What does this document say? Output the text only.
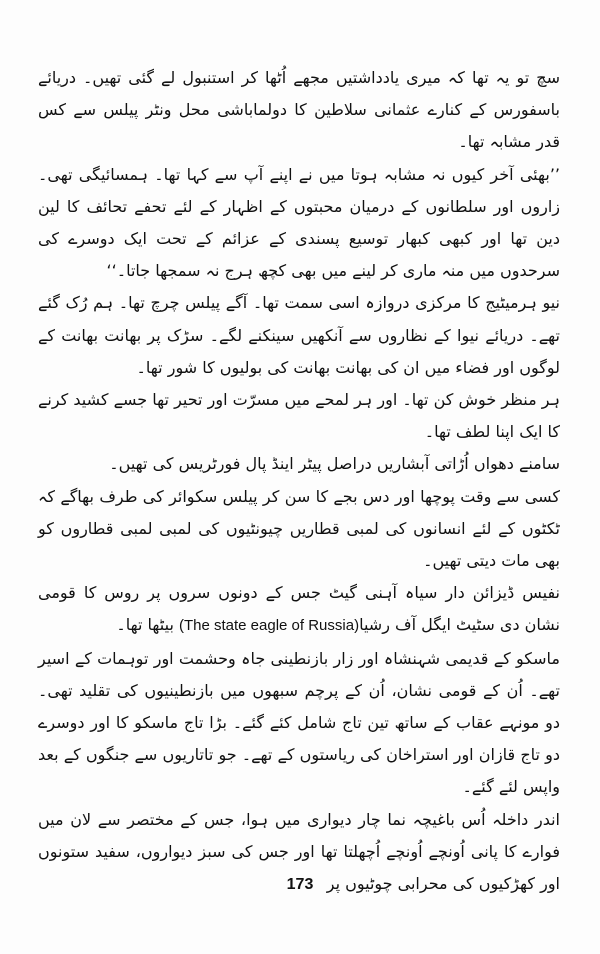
سچ تو یہ تھا کہ میری یادداشتیں مجھے اُٹھا کر استنبول لے گئی تھیں۔ دریائے باسفورس کے کنارے عثمانی سلاطین کا دولماباشی محل ونٹر پیلس سے کس قدر مشابہ تھا۔

’’بھئی آخر کیوں نہ مشابہ ہوتا میں نے اپنے آپ سے کہا تھا۔ ہمسائیگی تھی۔ زاروں اور سلطانوں کے درمیان محبتوں کے اظہار کے لئے تحفے تحائف کا لین دین تھا اور کبھی کبھار توسیع پسندی کے عزائم کے تحت ایک دوسرے کی سرحدوں میں منہ ماری کر لینے میں بھی کچھ ہرج نہ سمجھا جاتا۔‘‘

نیو ہرمیٹیج کا مرکزی دروازہ اسی سمت تھا۔ آگے پیلس چرچ تھا۔ ہم رُک گئے تھے۔ دریائے نیوا کے نظاروں سے آنکھیں سینکنے لگے۔ سڑک پر بھانت بھانت کے لوگوں اور فضاء میں ان کی بھانت بھانت کی بولیوں کا شور تھا۔

ہر منظر خوش کن تھا۔ اور ہر لمحے میں مسرّت اور تحیر تھا جسے کشید کرنے کا ایک اپنا لطف تھا۔

سامنے دھواں اُڑاتی آبشاریں دراصل پیٹر اینڈ پال فورٹریس کی تھیں۔

کسی سے وقت پوچھا اور دس بجے کا سن کر پیلس سکوائر کی طرف بھاگے کہ ٹکٹوں کے لئے انسانوں کی لمبی قطاریں چیونٹیوں کی لمبی لمبی قطاروں کو بھی مات دیتی تھیں۔

نفیس ڈیزائن دار سیاہ آہنی گیٹ جس کے دونوں سروں پر روس کا قومی نشان دی سٹیٹ ایگل آف رشیا(The state eagle of Russia) بیٹھا تھا۔

ماسکو کے قدیمی شہنشاہ اور زار بازنطینی جاہ وحشمت اور توہمات کے اسیر تھے۔ اُن کے قومی نشان، اُن کے پرچم سبھوں میں بازنطینیوں کی تقلید تھی۔ دو مونہے عقاب کے ساتھ تین تاج شامل کئے گئے۔ بڑا تاج ماسکو کا اور دوسرے دو تاج قازان اور استراخان کی ریاستوں کے تھے۔ جو تاتاریوں سے جنگوں کے بعد واپس لئے گئے۔

اندر داخلہ اُس باغیچہ نما چار دیواری میں ہوا، جس کے مختصر سے لان میں فوارے کا پانی اُونچے اُونچے اُچھلتا تھا اور جس کی سبز دیواروں، سفید ستونوں اور کھڑکیوں کی محرابی چوٹیوں پر

173
